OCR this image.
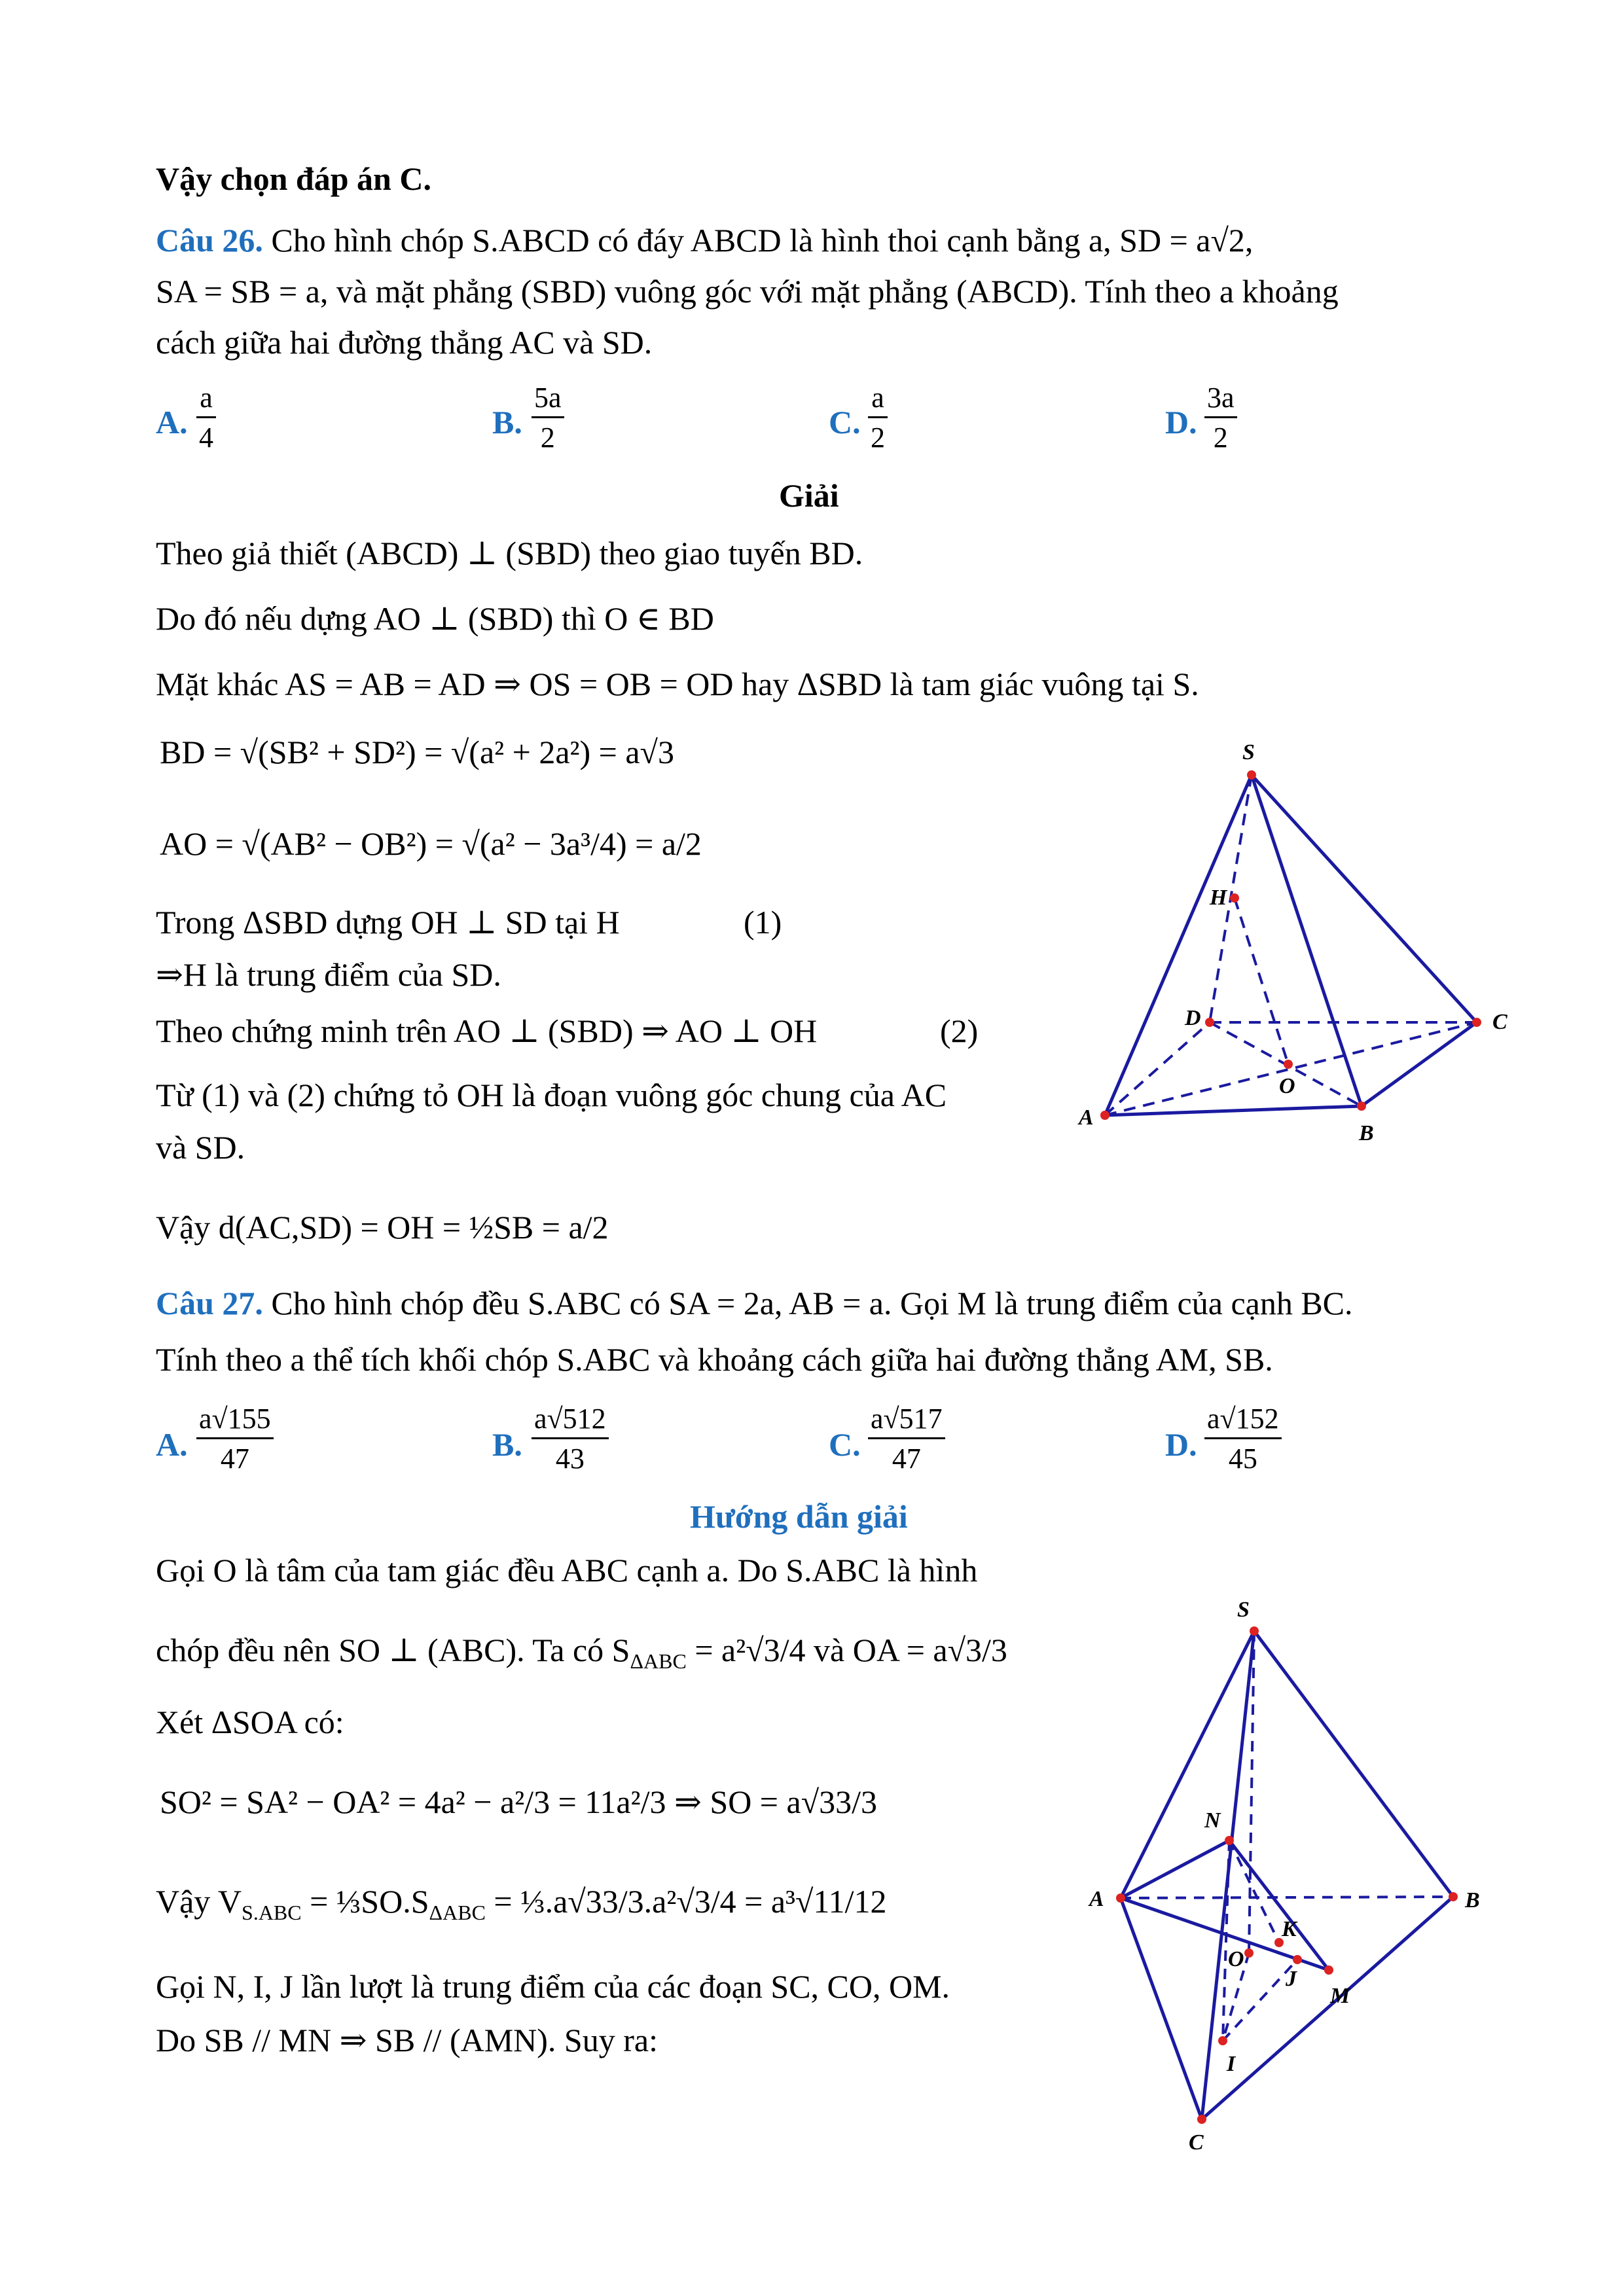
Vậy chọn đáp án C.
Câu 26. Cho hình chóp S.ABCD có đáy ABCD là hình thoi cạnh bằng a, SD = a√2,
SA = SB = a, và mặt phẳng (SBD) vuông góc với mặt phẳng (ABCD). Tính theo a khoảng
cách giữa hai đường thẳng AC và SD.
A. $\frac{a}{4}$	B. $\frac{5a}{2}$	C. $\frac{a}{2}$	D. $\frac{3a}{2}$
Giải
Theo giả thiết (ABCD) ⊥ (SBD) theo giao tuyến BD.
Do đó nếu dựng AO ⊥ (SBD) thì O ∈ BD
Mặt khác AS = AB = AD ⇒ OS = OB = OD hay ΔSBD là tam giác vuông tại S.
BD = √(SB² + SD²) = √(a² + 2a²) = a√3
AO = √(AB² − OB²) = √(a² − 3a³/4) = a/2
Trong ΔSBD dựng OH ⊥ SD tại H	(1)
⇒H là trung điểm của SD.
Theo chứng minh trên AO ⊥ (SBD) ⇒ AO ⊥ OH	(2)
Từ (1) và (2) chứng tỏ OH là đoạn vuông góc chung của AC
và SD.
Vậy d(AC,SD) = OH = ½SB = a/2
S
H
D	C
O
A
B
Câu 27. Cho hình chóp đều S.ABC có SA = 2a, AB = a. Gọi M là trung điểm của cạnh BC.
Tính theo a thể tích khối chóp S.ABC và khoảng cách giữa hai đường thẳng AM, SB.
A. $\frac{a√155}{47}$	B. $\frac{a√512}{43}$	C. $\frac{a√517}{47}$	D. $\frac{a√152}{45}$
Hướng dẫn giải
Gọi O là tâm của tam giác đều ABC cạnh a. Do S.ABC là hình
chóp đều nên SO ⊥ (ABC). Ta có $S_{\Delta ABC} = a^2√3/4$ và OA = a√3/3
Xét ΔSOA có:
SO² = SA² − OA² = 4a² − a²/3 = 11a²/3 ⇒ SO = a√33/3
Vậy $V_{S.ABC}$ = $\frac{1}{3}SO.S_{\Delta ABC}$ = ⅓.a√33/3.a²√3/4 = a³√11/12
Gọi N, I, J lần lượt là trung điểm của các đoạn SC, CO, OM.
Do SB // MN ⇒ SB // (AMN). Suy ra:
S
N
A	B
K
O
J
M
I
C
